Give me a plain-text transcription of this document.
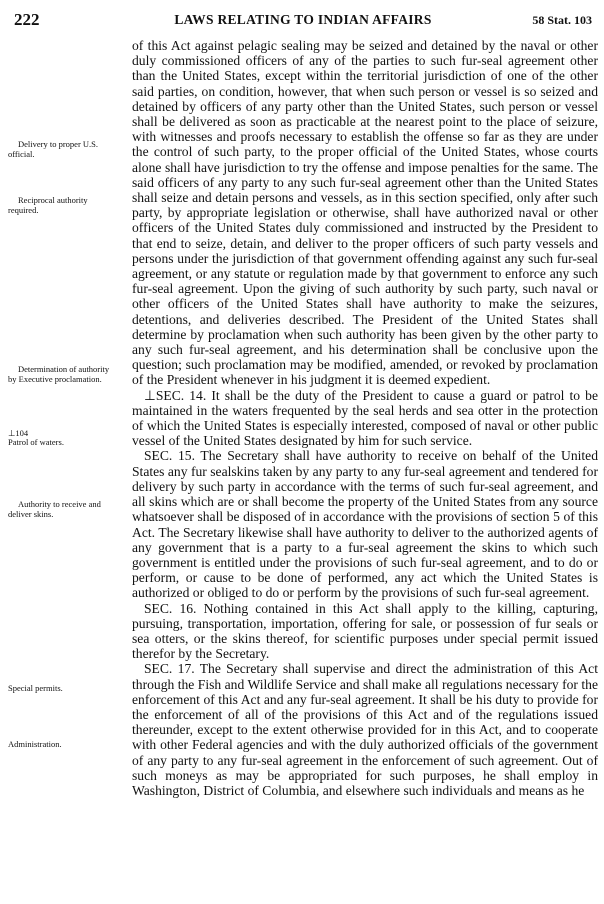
222	LAWS RELATING TO INDIAN AFFAIRS	58 Stat. 103
Delivery to proper U.S. official.
Reciprocal authority required.
Determination of authority by Executive proclamation.
⊥104
Patrol of waters.
Authority to receive and deliver skins.
Special permits.
Administration.

of this Act against pelagic sealing may be seized and detained by the naval or other duly commissioned officers of any of the parties to such fur-seal agreement other than the United States, except within the territorial jurisdiction of one of the other said parties, on condition, however, that when such person or vessel is so seized and detained by officers of any party other than the United States, such person or vessel shall be delivered as soon as practicable at the nearest point to the place of seizure, with witnesses and proofs necessary to establish the offense so far as they are under the control of such party, to the proper official of the United States, whose courts alone shall have jurisdiction to try the offense and impose penalties for the same. The said officers of any party to any such fur-seal agreement other than the United States shall seize and detain persons and vessels, as in this section specified, only after such party, by appropriate legislation or otherwise, shall have authorized naval or other officers of the United States duly commissioned and instructed by the President to that end to seize, detain, and deliver to the proper officers of such party vessels and persons under the jurisdiction of that government offending against any such fur-seal agreement, or any statute or regulation made by that government to enforce any such fur-seal agreement. Upon the giving of such authority by such party, such naval or other officers of the United States shall have authority to make the seizures, detentions, and deliveries described. The President of the United States shall determine by proclamation when such authority has been given by the other party to any such fur-seal agreement, and his determination shall be conclusive upon the question; such proclamation may be modified, amended, or revoked by proclamation of the President whenever in his judgment it is deemed expedient.

⊥SEC. 14. It shall be the duty of the President to cause a guard or patrol to be maintained in the waters frequented by the seal herds and sea otter in the protection of which the United States is especially interested, composed of naval or other public vessel of the United States designated by him for such service.

SEC. 15. The Secretary shall have authority to receive on behalf of the United States any fur sealskins taken by any party to any fur-seal agreement and tendered for delivery by such party in accordance with the terms of such fur-seal agreement, and all skins which are or shall become the property of the United States from any source whatsoever shall be disposed of in accordance with the provisions of section 5 of this Act. The Secretary likewise shall have authority to deliver to the authorized agents of any government that is a party to a fur-seal agreement the skins to which such government is entitled under the provisions of such fur-seal agreement, and to do or perform, or cause to be done of performed, any act which the United States is authorized or obliged to do or perform by the provisions of such fur-seal agreement.

SEC. 16. Nothing contained in this Act shall apply to the killing, capturing, pursuing, transportation, importation, offering for sale, or possession of fur seals or sea otters, or the skins thereof, for scientific purposes under special permit issued therefor by the Secretary.

SEC. 17. The Secretary shall supervise and direct the administration of this Act through the Fish and Wildlife Service and shall make all regulations necessary for the enforcement of this Act and any fur-seal agreement. It shall be his duty to provide for the enforcement of all of the provisions of this Act and of the regulations issued thereunder, except to the extent otherwise provided for in this Act, and to cooperate with other Federal agencies and with the duly authorized officials of the government of any party to any fur-seal agreement in the enforcement of such agreement. Out of such moneys as may be appropriated for such purposes, he shall employ in Washington, District of Columbia, and elsewhere such individuals and means as he
